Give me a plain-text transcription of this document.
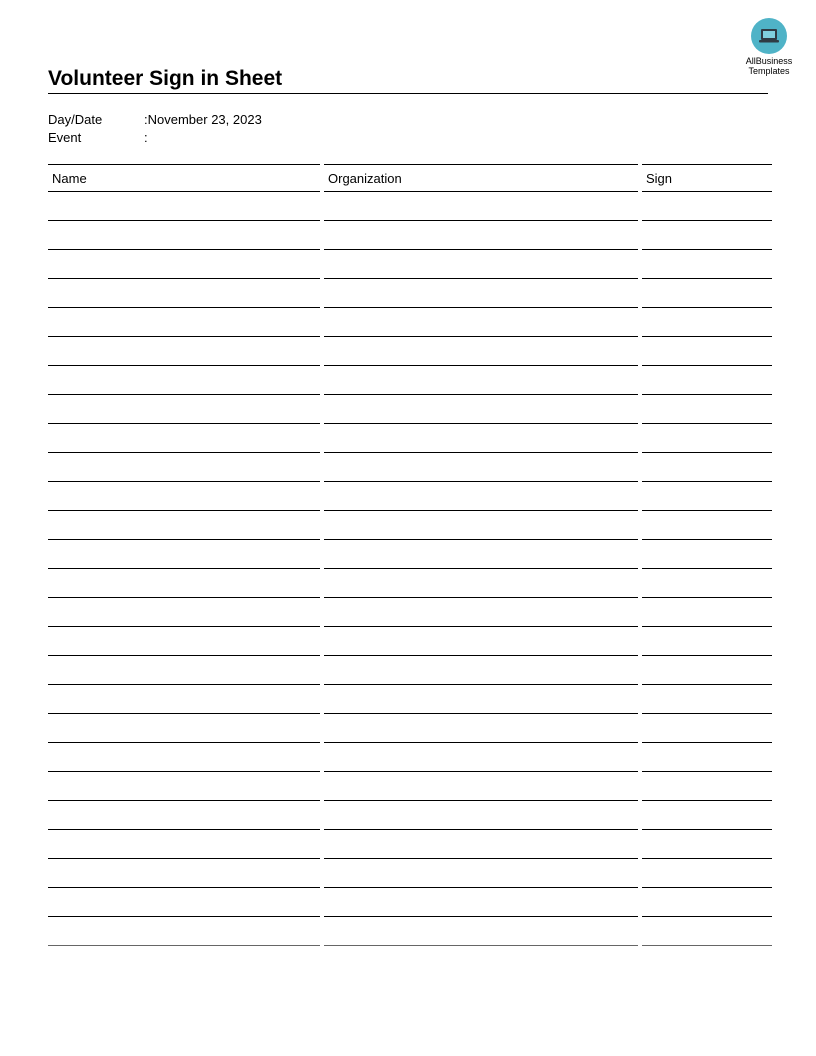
AllBusiness
Templates
Volunteer Sign in Sheet
Day/Date	:November 23, 2023
Event	:
Name	Organization	Sign
